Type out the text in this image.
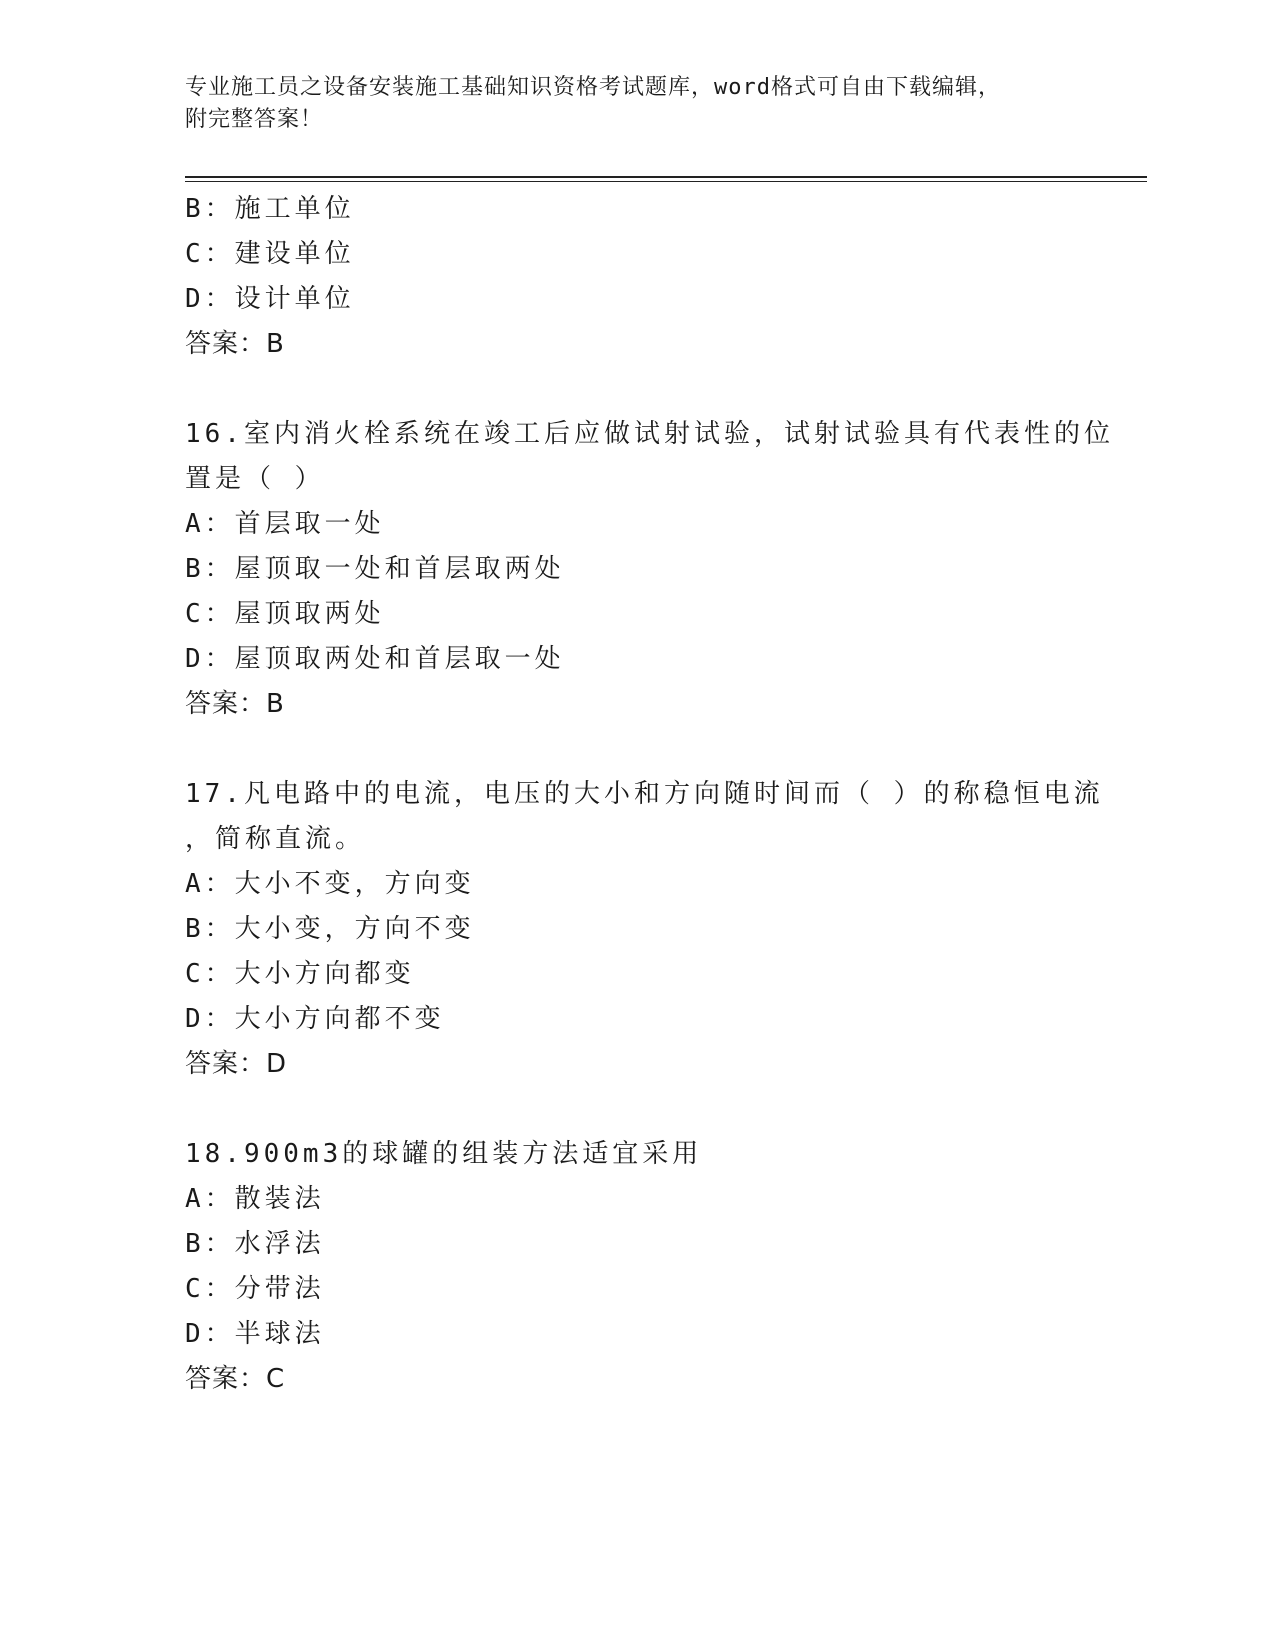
专业施工员之设备安装施工基础知识资格考试题库，word格式可自由下载编辑，
附完整答案！
B：施工单位
C：建设单位
D：设计单位
答案：B
16.室内消火栓系统在竣工后应做试射试验，试射试验具有代表性的位
置是（ ）
A：首层取一处
B：屋顶取一处和首层取两处
C：屋顶取两处
D：屋顶取两处和首层取一处
答案：B
17.凡电路中的电流，电压的大小和方向随时间而（ ）的称稳恒电流
，简称直流。
A：大小不变，方向变
B：大小变，方向不变
C：大小方向都变
D：大小方向都不变
答案：D
18.900m3的球罐的组装方法适宜采用
A：散装法
B：水浮法
C：分带法
D：半球法
答案：C
